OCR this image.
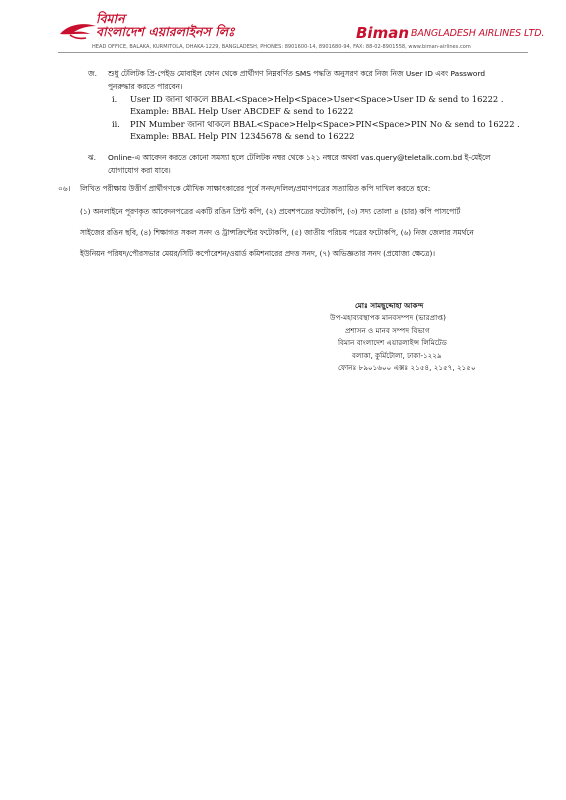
বিমান
বাংলাদেশ এয়ারলাইনস লিঃ	Biman BANGLADESH AIRLINES LTD.
HEAD OFFICE, BALAKA, KURMITOLA, DHAKA-1229, BANGLADESH, PHONES: 8901600-14, 8901680-94, FAX: 88-02-8901558, www.biman-airlines.com
জ. শুধু টেলিটক প্রি-পেইড মোবাইল ফোন থেকে প্রার্থীগণ নিম্নবর্ণিত SMS পদ্ধতি অনুসরণ করে নিজ নিজ User ID এবং Password
পুনরুদ্ধার করতে পারবেন।
i. User ID জানা থাকলে BBAL<Space>Help<Space>User<Space>User ID & send to 16222 .
Example: BBAL Help User ABCDEF & send to 16222
ii. PIN Mumber জানা থাকলে BBAL<Space>Help<Space>PIN<Space>PIN No & send to 16222 .
Example: BBAL Help PIN 12345678 & send to 16222
ঝ. Online-এ আবেদন করতে কোনো সমস্যা হলে টেলিটক নম্বর থেকে ১২১ নম্বরে অথবা vas.query@teletalk.com.bd ই-মেইলে
যোগাযোগ করা যাবে।
০৬। লিখিত পরীক্ষায় উত্তীর্ণ প্রার্থীগণকে মৌখিক সাক্ষাৎকারের পূর্বে সনদ/দলিল/প্রমাণপত্রের সত্যায়িত কপি দাখিল করতে হবে:
(১) অনলাইনে পূরণকৃত আবেদনপত্রের একটি রঙিন প্রিন্ট কপি, (২) প্রবেশপত্রের ফটোকপি, (৩) সদ্য তোলা ৪ (চার) কপি পাসপোর্ট
সাইজের রঙিন ছবি, (৪) শিক্ষাগত সকল সনদ ও ট্রান্সক্রিপ্টের ফটোকপি, (৫) জাতীয় পরিচয় পত্রের ফটোকপি, (৬) নিজ জেলার সমর্থনে
ইউনিয়ন পরিষদ/পৌরসভার মেয়র/সিটি কর্পোরেশন/ওয়ার্ড কমিশনারের প্রদত্ত সনদ, (৭) অভিজ্ঞতার সনদ (প্রযোজ্য ক্ষেত্রে)।
মোঃ সামছুদ্দোহা আকন্দ
উপ-মহাব্যবস্থাপক মানবসম্পদ (ভারপ্রাপ্ত)
প্রশাসন ও মানব সম্পদ বিভাগ
বিমান বাংলাদেশ এয়ারলাইন্স লিমিটেড
বলাকা, কুর্মিটোলা, ঢাকা-১২২৯
ফোনঃ ৮৯০১৬০০ এক্সঃ ২১৫৪, ২১৫৭, ২১৫০
